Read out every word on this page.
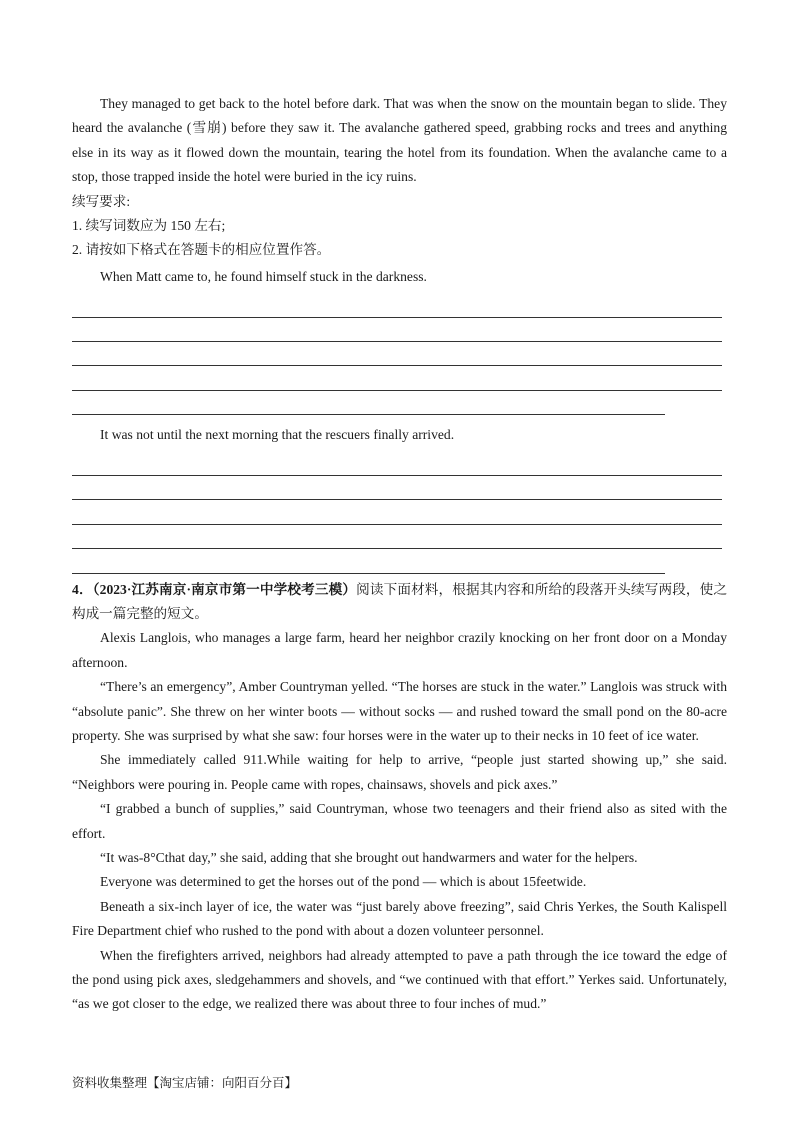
They managed to get back to the hotel before dark. That was when the snow on the mountain began to slide. They heard the avalanche (雪崩) before they saw it. The avalanche gathered speed, grabbing rocks and trees and anything else in its way as it flowed down the mountain, tearing the hotel from its foundation. When the avalanche came to a stop, those trapped inside the hotel were buried in the icy ruins.

续写要求:

1. 续写词数应为 150 左右;

2. 请按如下格式在答题卡的相应位置作答。

When Matt came to, he found himself stuck in the darkness.

It was not until the next morning that the rescuers finally arrived.

4．（2023·江苏南京·南京市第一中学校考三模）阅读下面材料，根据其内容和所给的段落开头续写两段，使之构成一篇完整的短文。

Alexis Langlois, who manages a large farm, heard her neighbor crazily knocking on her front door on a Monday afternoon.

“There’s an emergency”, Amber Countryman yelled. “The horses are stuck in the water.” Langlois was struck with “absolute panic”. She threw on her winter boots — without socks — and rushed toward the small pond on the 80-acre property. She was surprised by what she saw: four horses were in the water up to their necks in 10 feet of ice water.

She immediately called 911.While waiting for help to arrive, “people just started showing up,” she said. “Neighbors were pouring in. People came with ropes, chainsaws, shovels and pick axes.”

“I grabbed a bunch of supplies,” said Countryman, whose two teenagers and their friend also as sited with the effort.

“It was-8°Cthat day,” she said, adding that she brought out handwarmers and water for the helpers.

Everyone was determined to get the horses out of the pond — which is about 15feetwide.

Beneath a six-inch layer of ice, the water was “just barely above freezing”, said Chris Yerkes, the South Kalispell Fire Department chief who rushed to the pond with about a dozen volunteer personnel.

When the firefighters arrived, neighbors had already attempted to pave a path through the ice toward the edge of the pond using pick axes, sledgehammers and shovels, and “we continued with that effort.” Yerkes said. Unfortunately, “as we got closer to the edge, we realized there was about three to four inches of mud.”

资料收集整理【淘宝店铺：向阳百分百】
